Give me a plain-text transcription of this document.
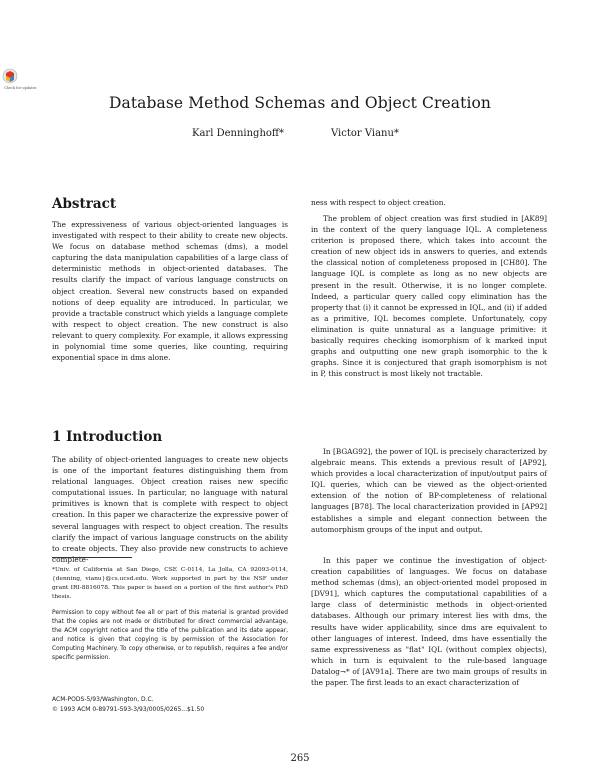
Check for updates
Database Method Schemas and Object Creation
Karl Denninghoff*	Victor Vianu*
Abstract

The expressiveness of various object-oriented languages is investigated with respect to their ability to create new objects. We focus on database method schemas (dms), a model capturing the data manipulation capabilities of a large class of deterministic methods in object-oriented databases. The results clarify the impact of various language constructs on object creation. Several new constructs based on expanded notions of deep equality are introduced. In particular, we provide a tractable construct which yields a language complete with respect to object creation. The new construct is also relevant to query complexity. For example, it allows expressing in polynomial time some queries, like counting, requiring exponential space in dms alone.

1 Introduction

The ability of object-oriented languages to create new objects is one of the important features distinguishing them from relational languages. Object creation raises new specific computational issues. In particular, no language with natural primitives is known that is complete with respect to object creation. In this paper we characterize the expressive power of several languages with respect to object creation. The results clarify the impact of various language constructs on the ability to create objects. They also provide new constructs to achieve complete-

*Univ. of California at San Diego, CSE C-0114, La Jolla, CA 92093-0114, {denning, vianu}@cs.ucsd.edu. Work supported in part by the NSF under grant IRI-8816078. This paper is based on a portion of the first author's PhD thesis.

Permission to copy without fee all or part of this material is granted provided that the copies are not made or distributed for direct commercial advantage, the ACM copyright notice and the title of the publication and its date appear, and notice is given that copying is by permission of the Association for Computing Machinery. To copy otherwise, or to republish, requires a fee and/or specific permission.

ACM-PODS-5/93/Washington, D.C.
© 1993 ACM 0-89791-593-3/93/0005/0265...$1.50

ness with respect to object creation.

The problem of object creation was first studied in [AK89] in the context of the query language IQL. A completeness criterion is proposed there, which takes into account the creation of new object ids in answers to queries, and extends the classical notion of completeness proposed in [CH80]. The language IQL is complete as long as no new objects are present in the result. Otherwise, it is no longer complete. Indeed, a particular query called copy elimination has the property that (i) it cannot be expressed in IQL, and (ii) if added as a primitive, IQL becomes complete. Unfortunately, copy elimination is quite unnatural as a language primitive: it basically requires checking isomorphism of k marked input graphs and outputting one new graph isomorphic to the k graphs. Since it is conjectured that graph isomorphism is not in P, this construct is most likely not tractable.

In [BGAG92], the power of IQL is precisely characterized by algebraic means. This extends a previous result of [AP92], which provides a local characterization of input/output pairs of IQL queries, which can be viewed as the object-oriented extension of the notion of BP-completeness of relational languages [B78]. The local characterization provided in [AP92] establishes a simple and elegant connection between the automorphism groups of the input and output.

In this paper we continue the investigation of object-creation capabilities of languages. We focus on database method schemas (dms), an object-oriented model proposed in [DV91], which captures the computational capabilities of a large class of deterministic methods in object-oriented databases. Although our primary interest lies with dms, the results have wider applicability, since dms are equivalent to other languages of interest. Indeed, dms have essentially the same expressiveness as "flat" IQL (without complex objects), which in turn is equivalent to the rule-based language Datalog¬* of [AV91a]. There are two main groups of results in the paper. The first leads to an exact characterization of

265
